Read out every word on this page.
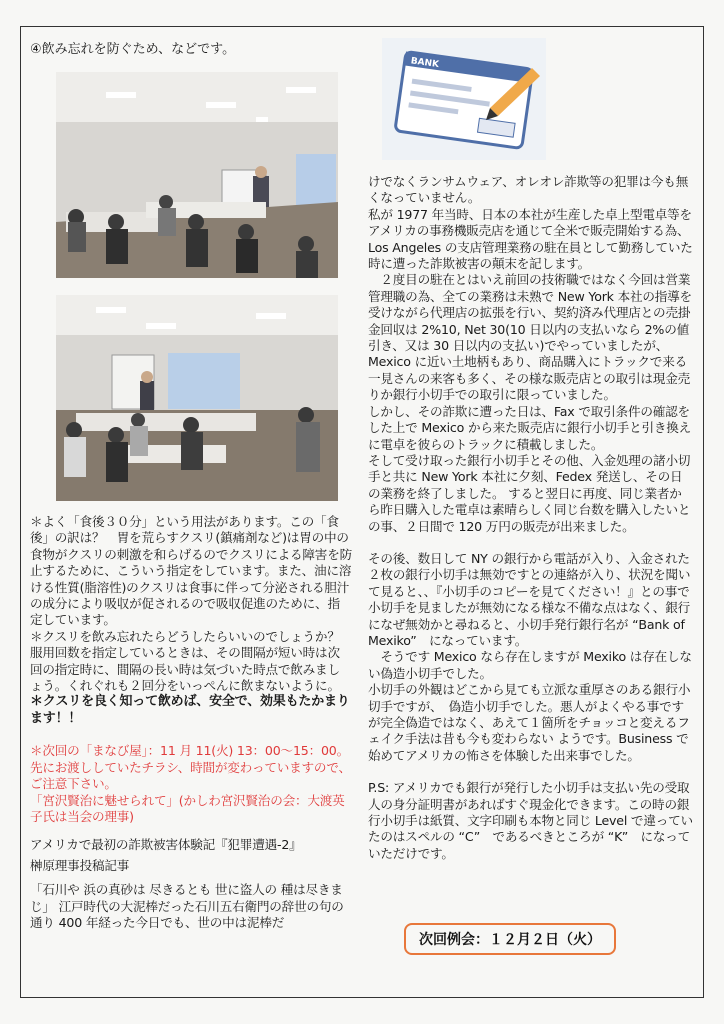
④飲み忘れを防ぐため、などです。
BANK

＊よく「食後３０分」という用法があります。この「食後」の訳は？　胃を荒らすクスリ(鎮痛剤など)は胃の中の食物がクスリの刺激を和らげるのでクスリによる障害を防止するために、こういう指定をしています。また、油に溶ける性質(脂溶性)のクスリは食事に伴って分泌される胆汁の成分により吸収が促されるので吸収促進のために、指定しています。

＊クスリを飲み忘れたらどうしたらいいのでしょうか？　服用回数を指定しているときは、その間隔が短い時は次回の指定時に、間隔の長い時は気づいた時点で飲みましょう。くれぐれも２回分をいっぺんに飲まないように。

＊クスリを良く知って飲めば、安全で、効果もたかまります！！

＊次回の「まなび屋」：11 月 11(火) 13：00～15：00。先にお渡ししていたチラシ、時間が変わっていますので、ご注意下さい。

「宮沢賢治に魅せられて」(かしわ宮沢賢治の会：大渡英子氏は当会の理事)

アメリカで最初の詐欺被害体験記『犯罪遭遇-2』

榊原理事投稿記事

「石川や 浜の真砂は 尽きるとも 世に盗人の 種は尽きまじ」 江戸時代の大泥棒だった石川五右衛門の辞世の句の通り 400 年経った今日でも、世の中は泥棒だ

けでなくランサムウェア、オレオレ詐欺等の犯罪は今も無くなっていません。

私が 1977 年当時、日本の本社が生産した卓上型電卓等をアメリカの事務機販売店を通じて全米で販売開始する為、Los Angeles の支店管理業務の駐在員として勤務していた時に遭った詐欺被害の顛末を記します。

　２度目の駐在とはいえ前回の技術職ではなく今回は営業管理職の為、全ての業務は未熟で New York 本社の指導を受けながら代理店の拡張を行い、契約済み代理店との売掛金回収は 2%10, Net 30(10 日以内の支払いなら 2%の値引き、又は 30 日以内の支払い)でやっていましたが、Mexico に近い土地柄もあり、商品購入にトラックで来る一見さんの来客も多く、その様な販売店との取引は現金売りか銀行小切手での取引に限っていました。

しかし、その詐欺に遭った日は、Fax で取引条件の確認をした上で Mexico から来た販売店に銀行小切手と引き換えに電卓を彼らのトラックに積載しました。

そして受け取った銀行小切手とその他、入金処理の諸小切手と共に New York 本社に夕刻、Fedex 発送し、その日の業務を終了しました。 すると翌日に再度、同じ業者から昨日購入した電卓は素晴らしく同じ台数を購入したいとの事、２日間で 120 万円の販売が出来ました。

その後、数日して NY の銀行から電話が入り、入金された２枚の銀行小切手は無効ですとの連絡が入り、状況を聞いて見ると、、『小切手のコピーを見てください！』との事で小切手を見ましたが無効になる様な不備な点はなく、銀行になぜ無効かと尋ねると、小切手発行銀行名が “Bank of Mexiko”　になっています。

　そうです Mexico なら存在しますが Mexiko は存在しない偽造小切手でした。

小切手の外観はどこから見ても立派な重厚さのある銀行小切手ですが、　偽造小切手でした。悪人がよくやる事ですが完全偽造ではなく、あえて１箇所をチョッコと変えるフェイク手法は昔も今も変わらない ようです。Business で始めてアメリカの怖さを体験した出来事でした。

P.S: アメリカでも銀行が発行した小切手は支払い先の受取人の身分証明書があればすぐ現金化できます。この時の銀行小切手は紙質、文字印刷も本物と同じ Level で違っていたのはスペルの “C”　であるべきところが “K”　になっていただけです。

次回例会：１２月２日（火）
